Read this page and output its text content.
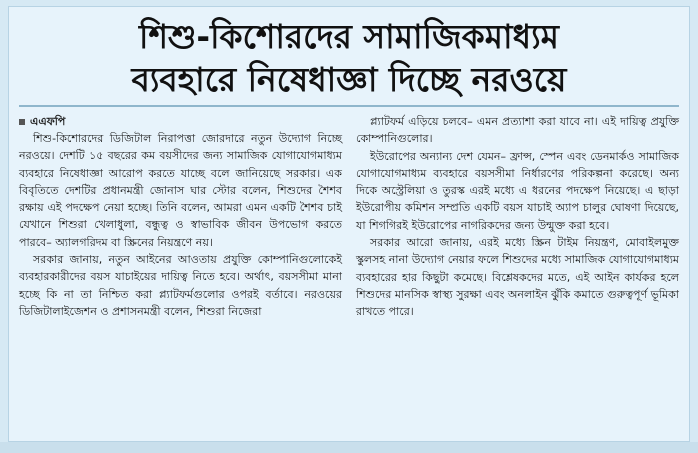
শিশু-কিশোরদের সামাজিকমাধ্যম
ব্যবহারে নিষেধাজ্ঞা দিচ্ছে নরওয়ে
এএফপি

শিশু-কিশোরদের ডিজিটাল নিরাপত্তা জোরদারে নতুন উদ্যোগ নিচ্ছে নরওয়ে। দেশটি ১৫ বছরের কম বয়সীদের জন্য সামাজিক যোগাযোগমাধ্যম ব্যবহারে নিষেধাজ্ঞা আরোপ করতে যাচ্ছে বলে জানিয়েছে সরকার। এক বিবৃতিতে দেশটির প্রধানমন্ত্রী জোনাস ঘার স্টোর বলেন, শিশুদের শৈশব রক্ষায় এই পদক্ষেপ নেয়া হচ্ছে। তিনি বলেন, আমরা এমন একটি শৈশব চাই যেখানে শিশুরা খেলাধুলা, বন্ধুত্ব ও স্বাভাবিক জীবন উপভোগ করতে পারবে– অ্যালগরিদম বা স্ক্রিনের নিয়ন্ত্রণে নয়।

সরকার জানায়, নতুন আইনের আওতায় প্রযুক্তি কোম্পানিগুলোকেই ব্যবহারকারীদের বয়স যাচাইয়ের দায়িত্ব নিতে হবে। অর্থাৎ, বয়সসীমা মানা হচ্ছে কি না তা নিশ্চিত করা প্ল্যাটফর্মগুলোর ওপরই বর্তাবে। নরওয়ের ডিজিটালাইজেশন ও প্রশাসনমন্ত্রী বলেন, শিশুরা নিজেরা

প্ল্যাটফর্ম এড়িয়ে চলবে– এমন প্রত্যাশা করা যাবে না। এই দায়িত্ব প্রযুক্তি কোম্পানিগুলোর।

ইউরোপের অন্যান্য দেশ যেমন– ফ্রান্স, স্পেন এবং ডেনমার্কও সামাজিক যোগাযোগমাধ্যম ব্যবহারে বয়সসীমা নির্ধারণের পরিকল্পনা করেছে। অন্য দিকে অস্ট্রেলিয়া ও তুরস্ক এরই মধ্যে এ ধরনের পদক্ষেপ নিয়েছে। এ ছাড়া ইউরোপীয় কমিশন সম্প্রতি একটি বয়স যাচাই অ্যাপ চালুর ঘোষণা দিয়েছে, যা শিগগিরই ইউরোপের নাগরিকদের জন্য উন্মুক্ত করা হবে।

সরকার আরো জানায়, এরই মধ্যে স্ক্রিন টাইম নিয়ন্ত্রণ, মোবাইলমুক্ত স্কুলসহ নানা উদ্যোগ নেয়ার ফলে শিশুদের মধ্যে সামাজিক যোগাযোগমাধ্যম ব্যবহারের হার কিছুটা কমেছে। বিশ্লেষকদের মতে, এই আইন কার্যকর হলে শিশুদের মানসিক স্বাস্থ্য সুরক্ষা এবং অনলাইন ঝুঁকি কমাতে গুরুত্বপূর্ণ ভূমিকা রাখতে পারে।
